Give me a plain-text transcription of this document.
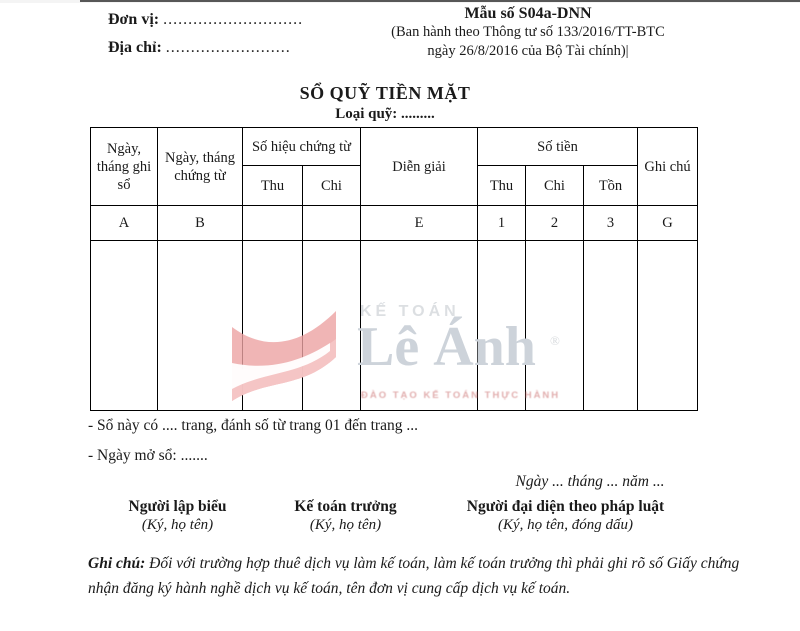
Đơn vị: ............................
Địa chỉ: .........................
Mẫu số S04a-DNN
(Ban hành theo Thông tư số 133/2016/TT-BTC
ngày 26/8/2016 của Bộ Tài chính)|
SỔ QUỸ TIỀN MẶT
Loại quỹ: .........
Ngày, tháng ghi sổ	Ngày, tháng chứng từ	Số hiệu chứng từ		Diễn giải	Số tiền			Ghi chú
		Thu	Chi		Thu	Chi	Tồn	
A	B			E	1	2	3	G

KẾ TOÁN
Lê Ánh ®
ĐÀO TẠO KẾ TOÁN THỰC HÀNH
- Sổ này có .... trang, đánh số từ trang 01 đến trang ...
- Ngày mở sổ: .......
Ngày ... tháng ... năm ...
Người lập biểu
(Ký, họ tên)
Kế toán trưởng
(Ký, họ tên)
Người đại diện theo pháp luật
(Ký, họ tên, đóng dấu)
Ghi chú: Đối với trường hợp thuê dịch vụ làm kế toán, làm kế toán trưởng thì phải ghi rõ số Giấy chứng nhận đăng ký hành nghề dịch vụ kế toán, tên đơn vị cung cấp dịch vụ kế toán.
